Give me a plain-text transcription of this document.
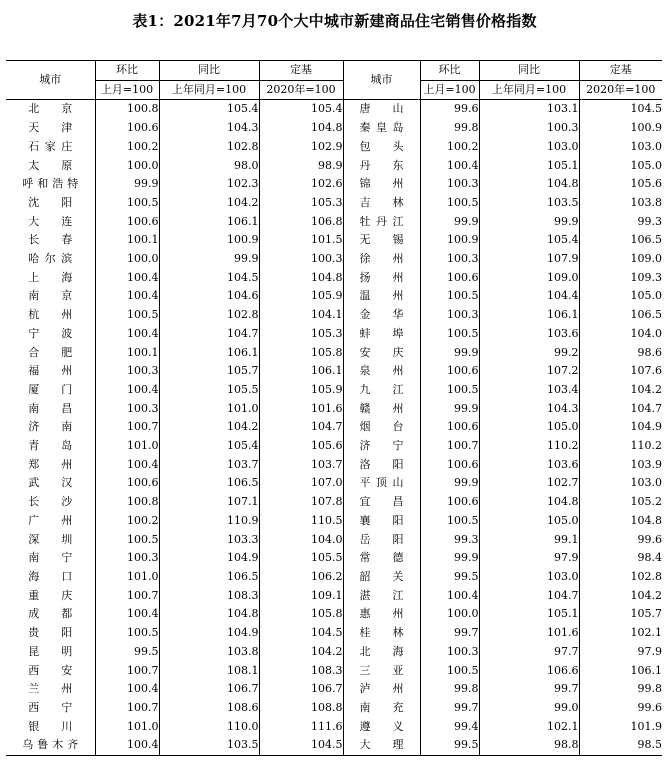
表1：2021年7月70个大中城市新建商品住宅销售价格指数
城市	环比	同比	定基	城市	环比	同比	定基
	上月=100	上年同月=100	2020年=100		上月=100	上年同月=100	2020年=100
北京	100.8	105.4	105.4	唐山	99.6	103.1	104.5
天津	100.6	104.3	104.8	秦皇岛	99.8	100.3	100.9
石家庄	100.2	102.8	102.9	包头	100.2	103.0	103.0
太原	100.0	98.0	98.9	丹东	100.4	105.1	105.0
呼和浩特	99.9	102.3	102.6	锦州	100.3	104.8	105.6
沈阳	100.5	104.2	105.3	吉林	100.5	103.5	103.8
大连	100.6	106.1	106.8	牡丹江	99.9	99.9	99.3
长春	100.1	100.9	101.5	无锡	100.9	105.4	106.5
哈尔滨	100.0	99.9	100.3	徐州	100.3	107.9	109.0
上海	100.4	104.5	104.8	扬州	100.6	109.0	109.3
南京	100.4	104.6	105.9	温州	100.5	104.4	105.0
杭州	100.5	102.8	104.1	金华	100.3	106.1	106.5
宁波	100.4	104.7	105.3	蚌埠	100.5	103.6	104.0
合肥	100.1	106.1	105.8	安庆	99.9	99.2	98.6
福州	100.3	105.7	106.1	泉州	100.6	107.2	107.6
厦门	100.4	105.5	105.9	九江	100.5	103.4	104.2
南昌	100.3	101.0	101.6	赣州	99.9	104.3	104.7
济南	100.7	104.2	104.7	烟台	100.6	105.0	104.9
青岛	101.0	105.4	105.6	济宁	100.7	110.2	110.2
郑州	100.4	103.7	103.7	洛阳	100.6	103.6	103.9
武汉	100.6	106.5	107.0	平顶山	99.9	102.7	103.0
长沙	100.8	107.1	107.8	宜昌	100.6	104.8	105.2
广州	100.2	110.9	110.5	襄阳	100.5	105.0	104.8
深圳	100.5	103.3	104.0	岳阳	99.3	99.1	99.6
南宁	100.3	104.9	105.5	常德	99.9	97.9	98.4
海口	101.0	106.5	106.2	韶关	99.5	103.0	102.8
重庆	100.7	108.3	109.1	湛江	100.4	104.7	104.2
成都	100.4	104.8	105.8	惠州	100.0	105.1	105.7
贵阳	100.5	104.9	104.5	桂林	99.7	101.6	102.1
昆明	99.5	103.8	104.2	北海	100.3	97.7	97.9
西安	100.7	108.1	108.3	三亚	100.5	106.6	106.1
兰州	100.4	106.7	106.7	泸州	99.8	99.7	99.8
西宁	100.7	108.6	108.8	南充	99.7	99.0	99.6
银川	101.0	110.0	111.6	遵义	99.4	102.1	101.9
乌鲁木齐	100.4	103.5	104.5	大理	99.5	98.8	98.5
